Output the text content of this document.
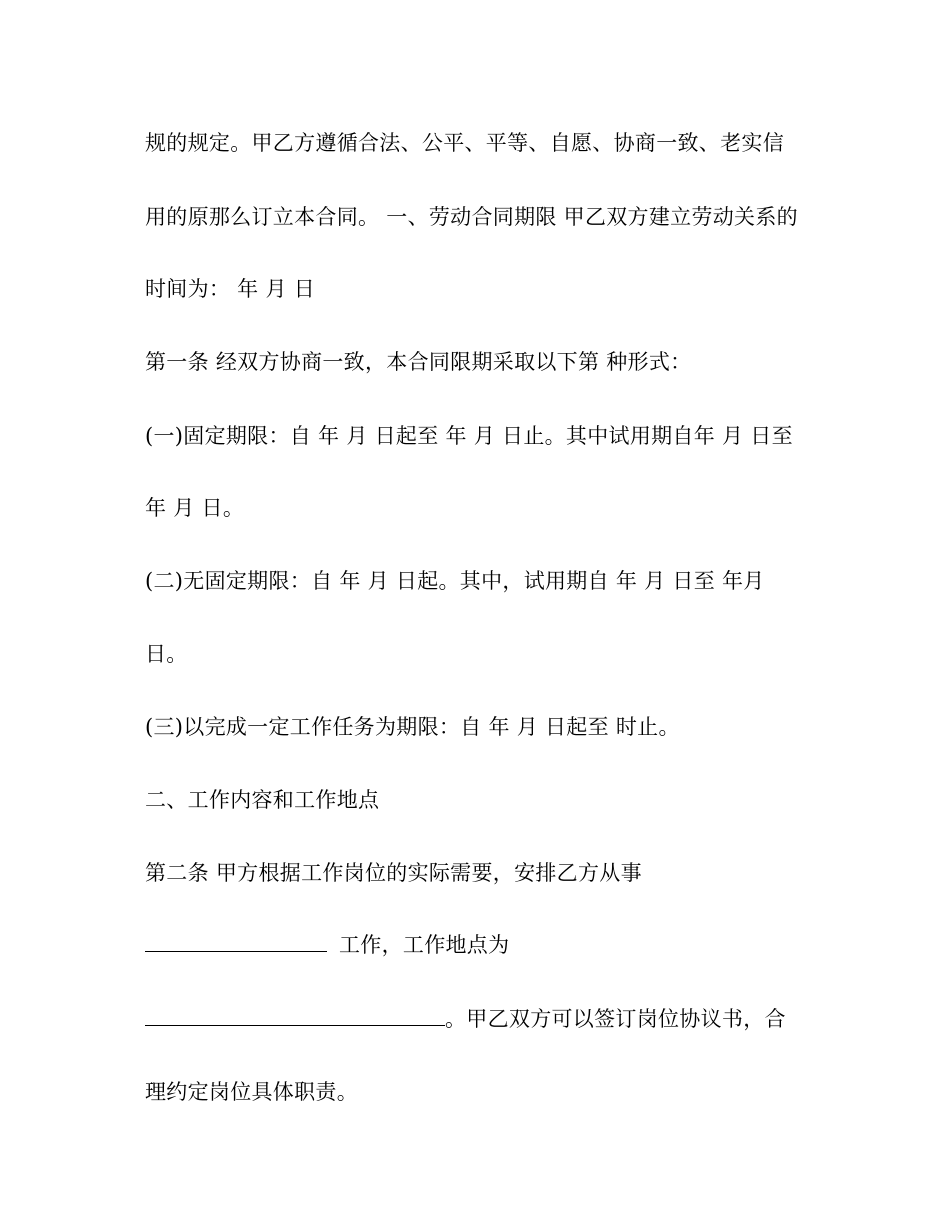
规的规定。甲乙方遵循合法、公平、平等、自愿、协商一致、老实信
用的原那么订立本合同。 一、劳动合同期限 甲乙双方建立劳动关系的
时间为： 年 月 日
第一条 经双方协商一致，本合同限期采取以下第 种形式：
(一)固定期限：自 年 月 日起至 年 月 日止。其中试用期自年 月 日至
年 月 日。
(二)无固定期限：自 年 月 日起。其中，试用期自 年 月 日至 年月
日。
(三)以完成一定工作任务为期限：自 年 月 日起至 时止。
二、工作内容和工作地点
第二条 甲方根据工作岗位的实际需要，安排乙方从事
工作，工作地点为
。甲乙双方可以签订岗位协议书，合
理约定岗位具体职责。
